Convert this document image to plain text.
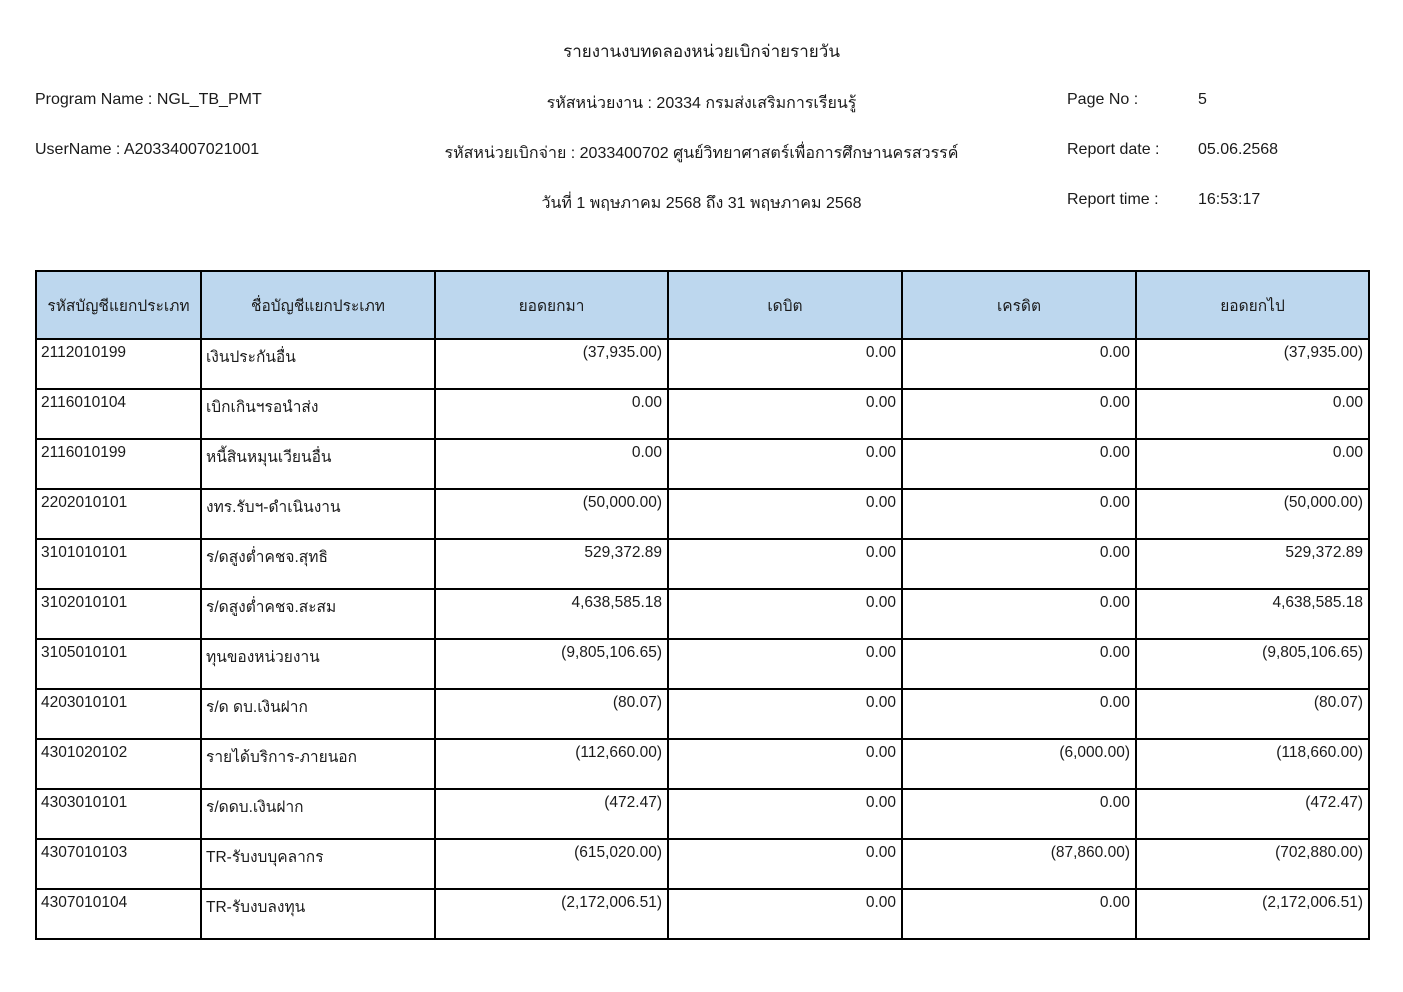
รายงานงบทดลองหน่วยเบิกจ่ายรายวัน
Program Name : NGL_TB_PMT	รหัสหน่วยงาน : 20334 กรมส่งเสริมการเรียนรู้	Page No :	5
UserName : A20334007021001	รหัสหน่วยเบิกจ่าย : 2033400702 ศูนย์วิทยาศาสตร์เพื่อการศึกษานครสวรรค์	Report date : 05.06.2568
วันที่ 1 พฤษภาคม 2568 ถึง 31 พฤษภาคม 2568	Report time : 16:53:17
รหัสบัญชีแยกประเภท	ชื่อบัญชีแยกประเภท	ยอดยกมา	เดบิต	เครดิต	ยอดยกไป
2112010199	เงินประกันอื่น	(37,935.00)	0.00	0.00	(37,935.00)
2116010104	เบิกเกินฯรอนำส่ง	0.00	0.00	0.00	0.00
2116010199	หนี้สินหมุนเวียนอื่น	0.00	0.00	0.00	0.00
2202010101	งทร.รับฯ-ดำเนินงาน	(50,000.00)	0.00	0.00	(50,000.00)
3101010101	ร/ดสูงต่ำคชจ.สุทธิ	529,372.89	0.00	0.00	529,372.89
3102010101	ร/ดสูงต่ำคชจ.สะสม	4,638,585.18	0.00	0.00	4,638,585.18
3105010101	ทุนของหน่วยงาน	(9,805,106.65)	0.00	0.00	(9,805,106.65)
4203010101	ร/ด ดบ.เงินฝาก	(80.07)	0.00	0.00	(80.07)
4301020102	รายได้บริการ-ภายนอก	(112,660.00)	0.00	(6,000.00)	(118,660.00)
4303010101	ร/ดดบ.เงินฝาก	(472.47)	0.00	0.00	(472.47)
4307010103	TR-รับงบบุคลากร	(615,020.00)	0.00	(87,860.00)	(702,880.00)
4307010104	TR-รับงบลงทุน	(2,172,006.51)	0.00	0.00	(2,172,006.51)
